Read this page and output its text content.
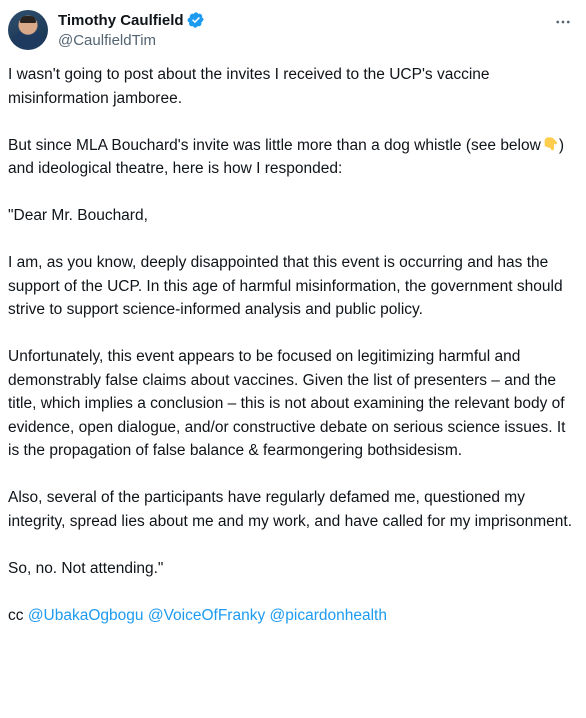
Timothy Caulfield
@CaulfieldTim

I wasn't going to post about the invites I received to the UCP's vaccine misinformation jamboree.

But since MLA Bouchard's invite was little more than a dog whistle (see below ) and ideological theatre, here is how I responded:

"Dear Mr. Bouchard,

I am, as you know, deeply disappointed that this event is occurring and has the support of the UCP. In this age of harmful misinformation, the government should strive to support science-informed analysis and public policy.

Unfortunately, this event appears to be focused on legitimizing harmful and demonstrably false claims about vaccines. Given the list of presenters – and the title, which implies a conclusion – this is not about examining the relevant body of evidence, open dialogue, and/or constructive debate on serious science issues. It is the propagation of false balance & fearmongering bothsidesism.

Also, several of the participants have regularly defamed me, questioned my integrity, spread lies about me and my work, and have called for my imprisonment.

So, no. Not attending."

cc @UbakaOgbogu @VoiceOfFranky @picardonhealth
